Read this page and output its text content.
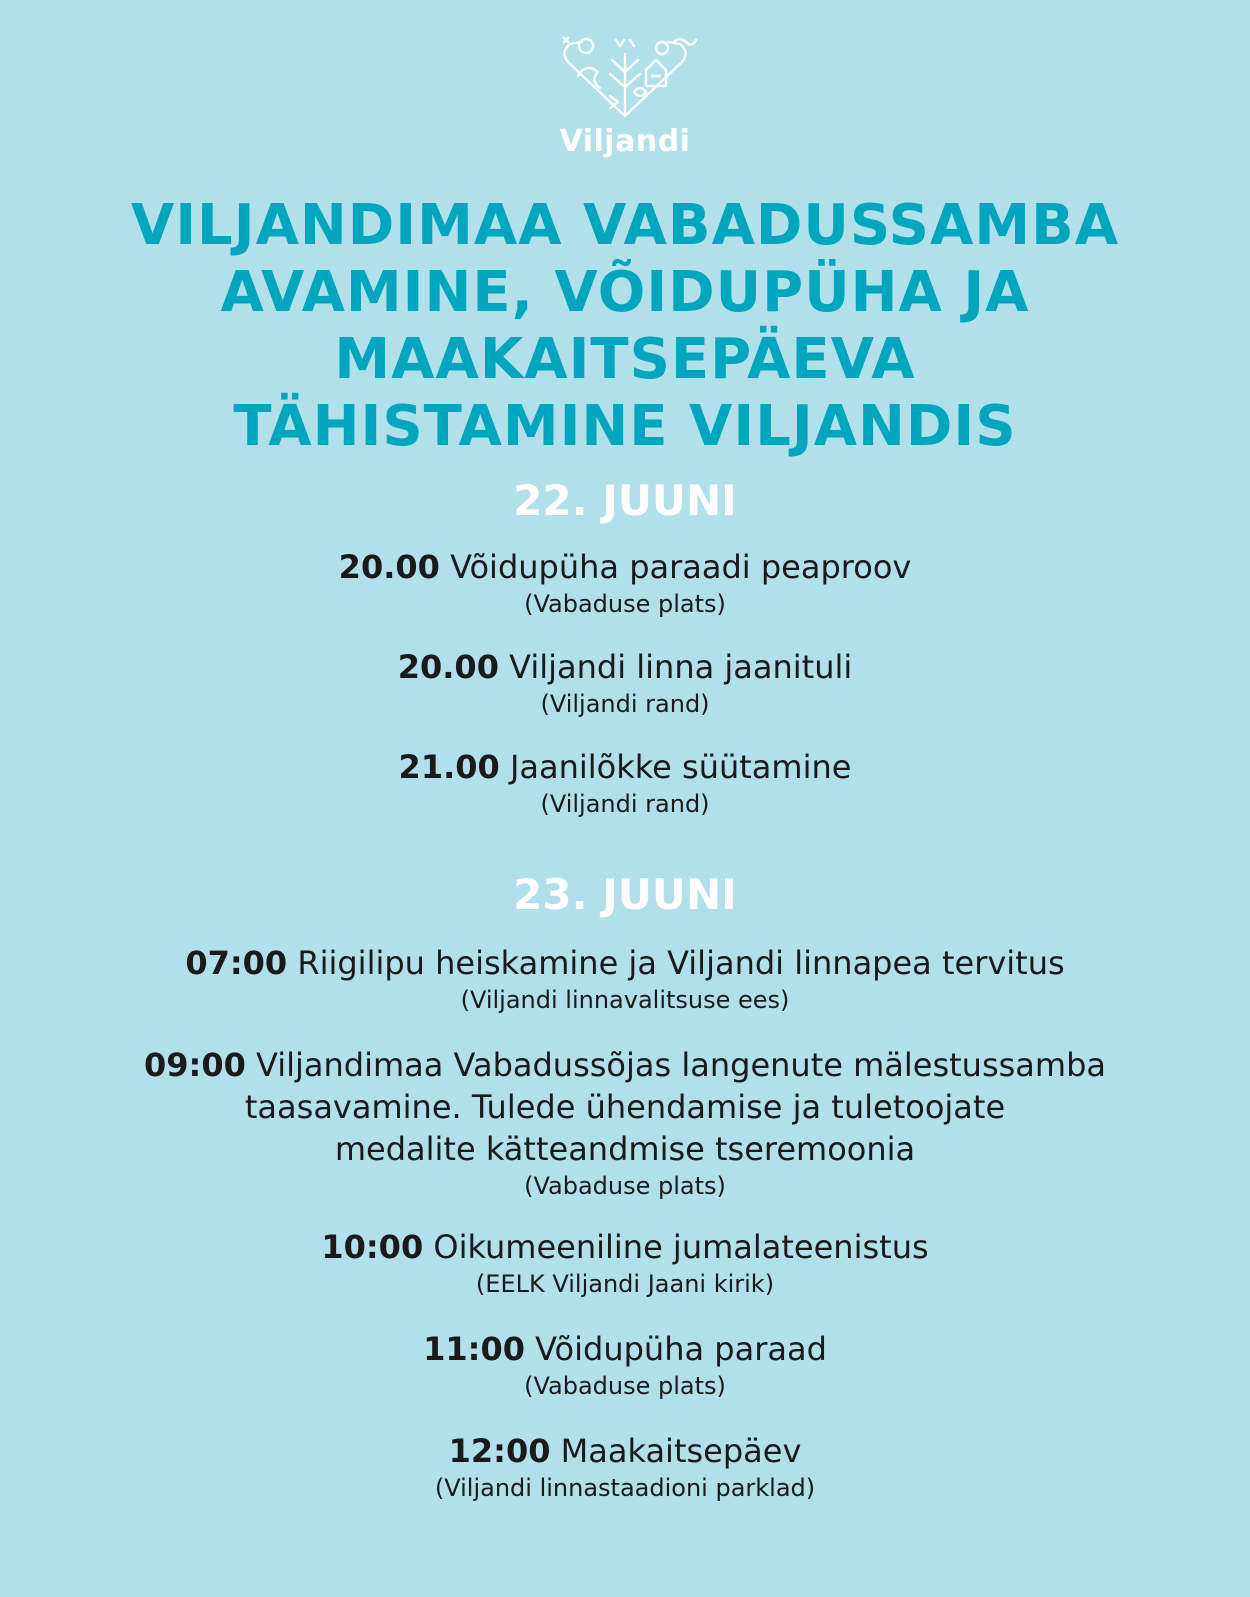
Viljandi
VILJANDIMAA VABADUSSAMBA
AVAMINE, VÕIDUPÜHA JA
MAAKAITSEPÄEVA
TÄHISTAMINE VILJANDIS
22. JUUNI
20.00 Võidupüha paraadi peaproov
(Vabaduse plats)
20.00 Viljandi linna jaanituli
(Viljandi rand)
21.00 Jaanilõkke süütamine
(Viljandi rand)
23. JUUNI
07:00 Riigilipu heiskamine ja Viljandi linnapea tervitus
(Viljandi linnavalitsuse ees)
09:00 Viljandimaa Vabadussõjas langenute mälestussamba
taasavamine. Tulede ühendamise ja tuletoojate
medalite kätteandmise tseremoonia
(Vabaduse plats)
10:00 Oikumeeniline jumalateenistus
(EELK Viljandi Jaani kirik)
11:00 Võidupüha paraad
(Vabaduse plats)
12:00 Maakaitsepäev
(Viljandi linnastaadioni parklad)
